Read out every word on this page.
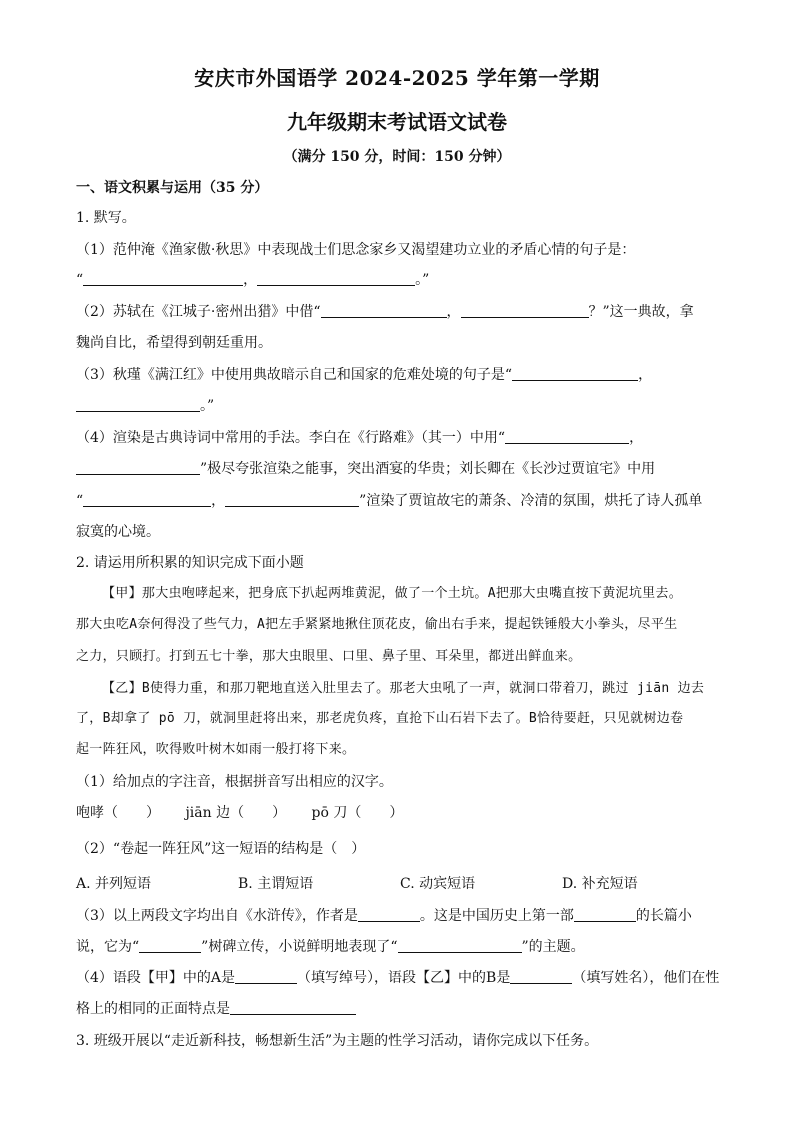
安庆市外国语学 2024-2025 学年第一学期
九年级期末考试语文试卷
（满分 150 分，时间：150 分钟）
一、语文积累与运用（35 分）
1. 默写。
（1）范仲淹《渔家傲·秋思》中表现战士们思念家乡又渴望建功立业的矛盾心情的句子是：
“	，	。”
（2）苏轼在《江城子·密州出猎》中借“	，	？”这一典故，拿
魏尚自比，希望得到朝廷重用。
（3）秋瑾《满江红》中使用典故暗示自己和国家的危难处境的句子是“	，
。”
（4）渲染是古典诗词中常用的手法。李白在《行路难》（其一）中用“	，
”极尽夸张渲染之能事，突出酒宴的华贵；刘长卿在《长沙过贾谊宅》中用
“	，	”渲染了贾谊故宅的萧条、冷清的氛围，烘托了诗人孤单
寂寞的心境。
2. 请运用所积累的知识完成下面小题
【甲】那大虫咆哮起来，把身底下扒起两堆黄泥，做了一个土坑。A把那大虫嘴直按下黄泥坑里去。
那大虫吃A奈何得没了些气力，A把左手紧紧地揪住顶花皮，偷出右手来，提起铁锤般大小拳头，尽平生
之力，只顾打。打到五七十拳，那大虫眼里、口里、鼻子里、耳朵里，都迸出鲜血来。
【乙】B使得力重，和那刀靶地直送入肚里去了。那老大虫吼了一声，就洞口带着刀，跳过 jiān 边去
了，B却拿了 pō 刀，就洞里赶将出来，那老虎负疼，直抢下山石岩下去了。B恰待要赶，只见就树边卷
起一阵狂风，吹得败叶树木如雨一般打将下来。
（1）给加点的字注音，根据拼音写出相应的汉字。
咆哮（　　）　　 jiān 边（　　）　　 pō 刀（　　）
（2）“卷起一阵狂风”这一短语的结构是（　）
A. 并列短语	B. 主谓短语	C. 动宾短语	D. 补充短语
（3）以上两段文字均出自《水浒传》，作者是	。这是中国历史上第一部	的长篇小
说，它为“	”树碑立传，小说鲜明地表现了“	”的主题。
（4）语段【甲】中的A是	（填写绰号），语段【乙】中的B是	（填写姓名），他们在性
格上的相同的正面特点是
3. 班级开展以“走近新科技，畅想新生活”为主题的性学习活动，请你完成以下任务。
